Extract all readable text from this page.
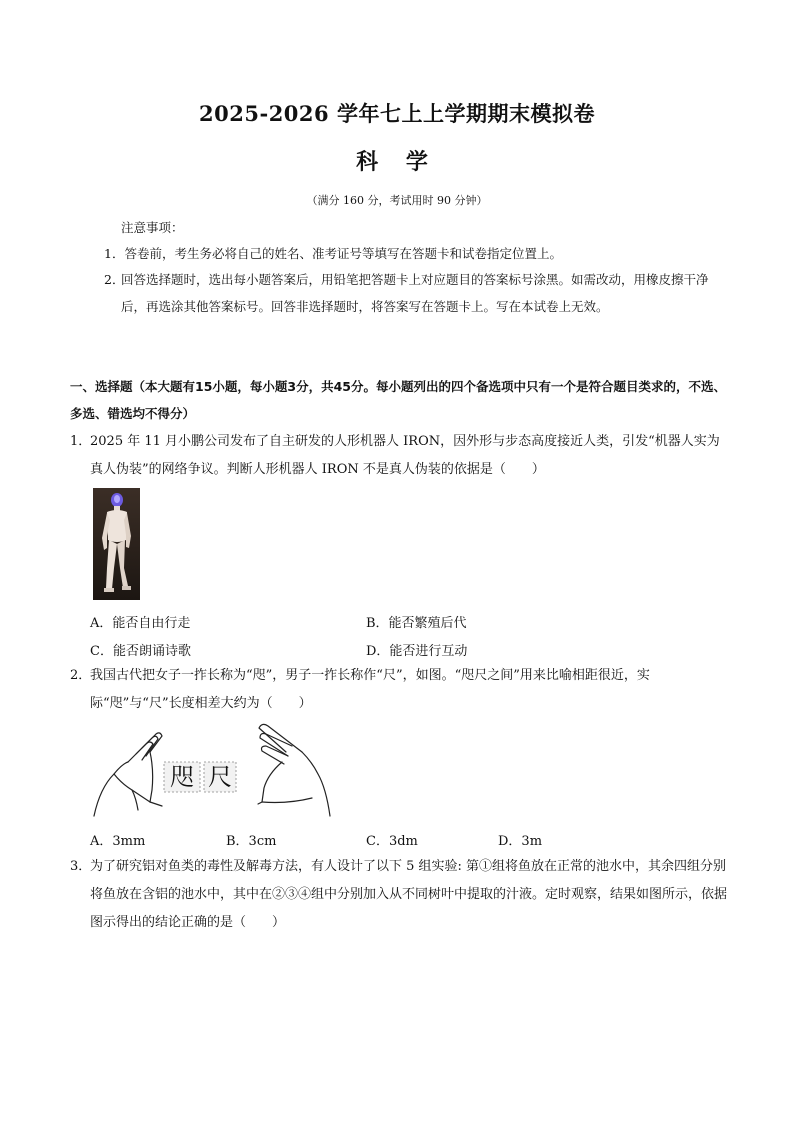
2025-2026 学年七上上学期期末模拟卷
科 学
（满分 160 分，考试用时 90 分钟）
注意事项：
1．答卷前，考生务必将自己的姓名、准考证号等填写在答题卡和试卷指定位置上。
2．
回答选择题时，选出每小题答案后，用铅笔把答题卡上对应题目的答案标号涂黑。如需改动，用橡皮擦干净后，再选涂其他答案标号。回答非选择题时，将答案写在答题卡上。写在本试卷上无效。
一、选择题（本大题有15小题，每小题3分，共45分。每小题列出的四个备选项中只有一个是符合题目类求的，不选、多选、错选均不得分）
1．
2025 年 11 月小鹏公司发布了自主研发的人形机器人 IRON，因外形与步态高度接近人类，引发“机器人实为真人伪装”的网络争议。判断人形机器人 IRON 不是真人伪装的依据是（　　）
A．能否自由行走	B．能否繁殖后代
C．能否朗诵诗歌	D．能否进行互动
2．
我国古代把女子一拃长称为“咫”，男子一拃长称作“尺”，如图。“咫尺之间”用来比喻相距很近，实际“咫”与“尺”长度相差大约为（　　）
咫 尺
A．3mm	B．3cm	C．3dm	D．3m
3．
为了研究铝对鱼类的毒性及解毒方法，有人设计了以下 5 组实验: 第①组将鱼放在正常的池水中，其余四组分别将鱼放在含铝的池水中，其中在②③④组中分别加入从不同树叶中提取的汁液。定时观察，结果如图所示，依据图示得出的结论正确的是（　　）
